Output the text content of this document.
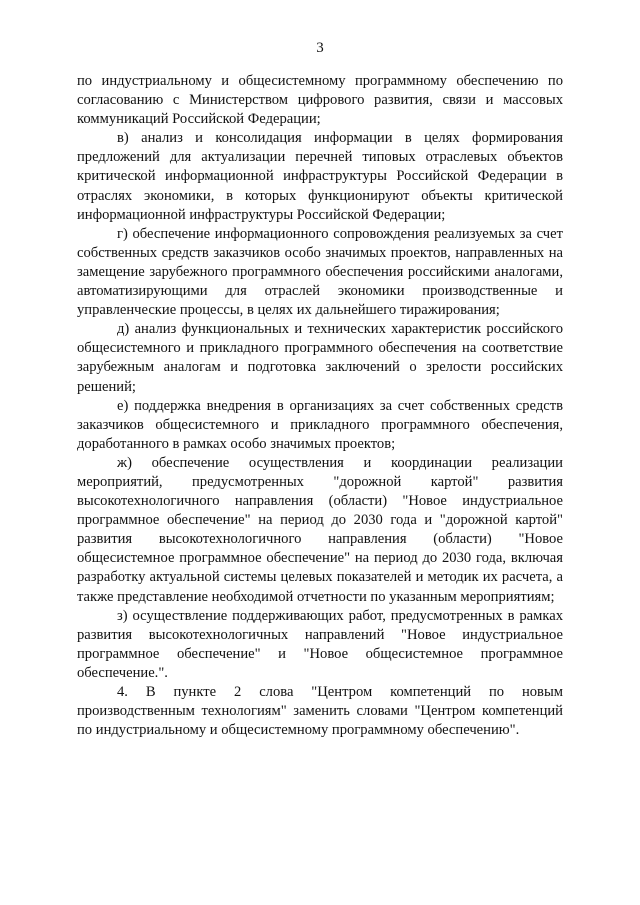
3

по индустриальному и общесистемному программному обеспечению по согласованию с Министерством цифрового развития, связи и массовых коммуникаций Российской Федерации;

в) анализ и консолидация информации в целях формирования предложений для актуализации перечней типовых отраслевых объектов критической информационной инфраструктуры Российской Федерации в отраслях экономики, в которых функционируют объекты критической информационной инфраструктуры Российской Федерации;

г) обеспечение информационного сопровождения реализуемых за счет собственных средств заказчиков особо значимых проектов, направленных на замещение зарубежного программного обеспечения российскими аналогами, автоматизирующими для отраслей экономики производственные и управленческие процессы, в целях их дальнейшего тиражирования;

д) анализ функциональных и технических характеристик российского общесистемного и прикладного программного обеспечения на соответствие зарубежным аналогам и подготовка заключений о зрелости российских решений;

е) поддержка внедрения в организациях за счет собственных средств заказчиков общесистемного и прикладного программного обеспечения, доработанного в рамках особо значимых проектов;

ж) обеспечение осуществления и координации реализации мероприятий, предусмотренных "дорожной картой" развития высокотехнологичного направления (области) "Новое индустриальное программное обеспечение" на период до 2030 года и "дорожной картой" развития высокотехнологичного направления (области) "Новое общесистемное программное обеспечение" на период до 2030 года, включая разработку актуальной системы целевых показателей и методик их расчета, а также представление необходимой отчетности по указанным мероприятиям;

з) осуществление поддерживающих работ, предусмотренных в рамках развития высокотехнологичных направлений "Новое индустриальное программное обеспечение" и "Новое общесистемное программное обеспечение.".

4. В пункте 2 слова "Центром компетенций по новым производственным технологиям" заменить словами "Центром компетенций по индустриальному и общесистемному программному обеспечению".
